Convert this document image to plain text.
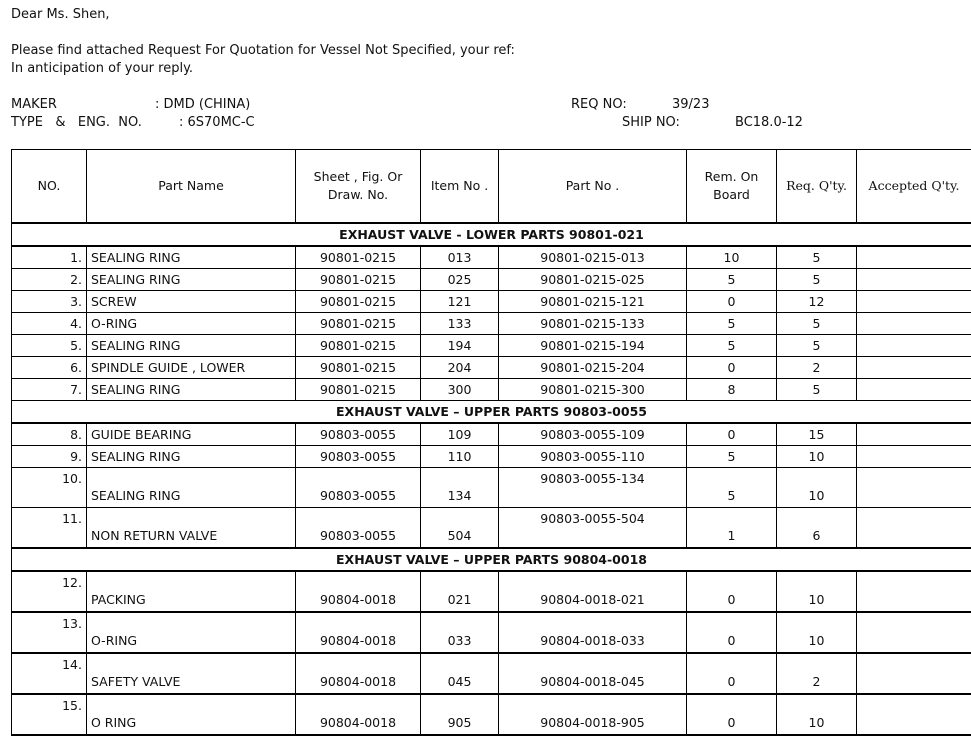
Dear Ms. Shen,
Please find attached Request For Quotation for Vessel Not Specified, your ref:
In anticipation of your reply.
MAKER	: DMD (CHINA)
TYPE   &   ENG.  NO.	: 6S70MC-C
REQ NO:	39/23
SHIP NO:	BC18.0-12
NO.	Part Name	Sheet , Fig. Or Draw. No.	Item No .	Part No .	Rem. On Board	Req. Q'ty.	Accepted Q'ty.
EXHAUST VALVE - LOWER PARTS 90801-021							
1.	SEALING RING	90801-0215	013	90801-0215-013	10	5	
2.	SEALING RING	90801-0215	025	90801-0215-025	5	5	
3.	SCREW	90801-0215	121	90801-0215-121	0	12	
4.	O-RING	90801-0215	133	90801-0215-133	5	5	
5.	SEALING RING	90801-0215	194	90801-0215-194	5	5	
6.	SPINDLE GUIDE , LOWER	90801-0215	204	90801-0215-204	0	2	
7.	SEALING RING	90801-0215	300	90801-0215-300	8	5	
EXHAUST VALVE – UPPER PARTS 90803-0055							
8.	GUIDE BEARING	90803-0055	109	90803-0055-109	0	15	
9.	SEALING RING	90803-0055	110	90803-0055-110	5	10	
10.	SEALING RING	90803-0055	134	90803-0055-134	5	10	
11.	NON RETURN VALVE	90803-0055	504	90803-0055-504	1	6	
EXHAUST VALVE – UPPER PARTS 90804-0018							
12.	PACKING	90804-0018	021	90804-0018-021	0	10	
13.	O-RING	90804-0018	033	90804-0018-033	0	10	
14.	SAFETY VALVE	90804-0018	045	90804-0018-045	0	2	
15.	O RING	90804-0018	905	90804-0018-905	0	10	
